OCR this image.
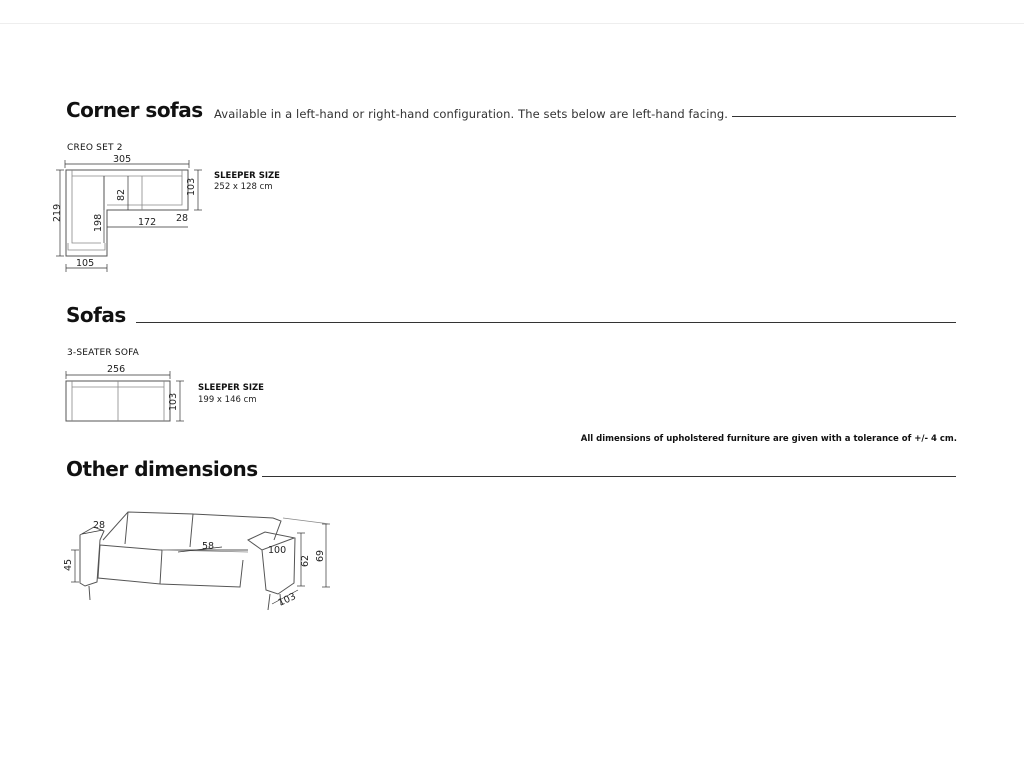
Corner sofas Available in a left-hand or right-hand configuration. The sets below are left-hand facing.
CREO SET 2
305
103
219
198
82
172 28
105
SLEEPER SIZE
252 x 128 cm
Sofas
3-SEATER SOFA
256
103
SLEEPER SIZE
199 x 146 cm
All dimensions of upholstered furniture are given with a tolerance of +/- 4 cm.
Other dimensions
28
58
45
100
62 69
103
